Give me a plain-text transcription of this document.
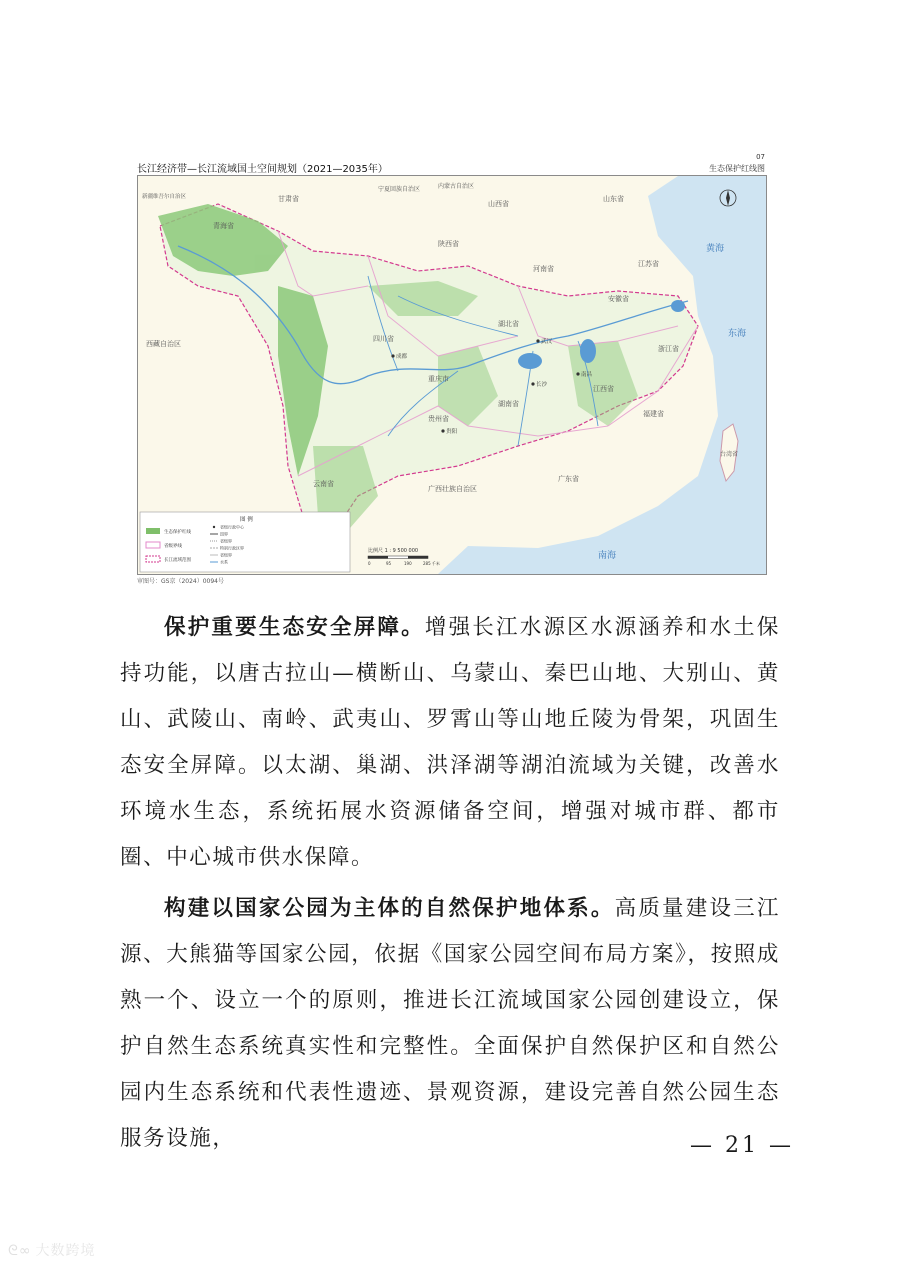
长江经济带—长江流域国土空间规划（2021—2035年）
07
生态保护红线图
青海省
甘肃省
四川省
西藏自治区
陕西省
山西省
河南省
山东省
江苏省
湖北省
安徽省
重庆市
湖南省
江西省
浙江省
贵州省
云南省
广西壮族自治区
广东省
福建省
台湾省
宁夏回族自治区	内蒙古自治区
新疆维吾尔自治区
黄海
东海
南海
成都
武汉
长沙
南昌
贵阳
图 例
生态保护红线
省级界线
长江流域范围
省级行政中心
国界
省级界
特别行政区界
省级界
水系
比例尺 1 : 9 500 000
0	95	190	285 千米
审图号：GS京（2024）0094号

保护重要生态安全屏障。增强长江水源区水源涵养和水土保持功能，以唐古拉山—横断山、乌蒙山、秦巴山地、大别山、黄山、武陵山、南岭、武夷山、罗霄山等山地丘陵为骨架，巩固生态安全屏障。以太湖、巢湖、洪泽湖等湖泊流域为关键，改善水环境水生态，系统拓展水资源储备空间，增强对城市群、都市圈、中心城市供水保障。

构建以国家公园为主体的自然保护地体系。高质量建设三江源、大熊猫等国家公园，依据《国家公园空间布局方案》，按照成熟一个、设立一个的原则，推进长江流域国家公园创建设立，保护自然生态系统真实性和完整性。全面保护自然保护区和自然公园内生态系统和代表性遗迹、景观资源，建设完善自然公园生态服务设施，	— 21 —
ᘓ∞ 大数跨境
